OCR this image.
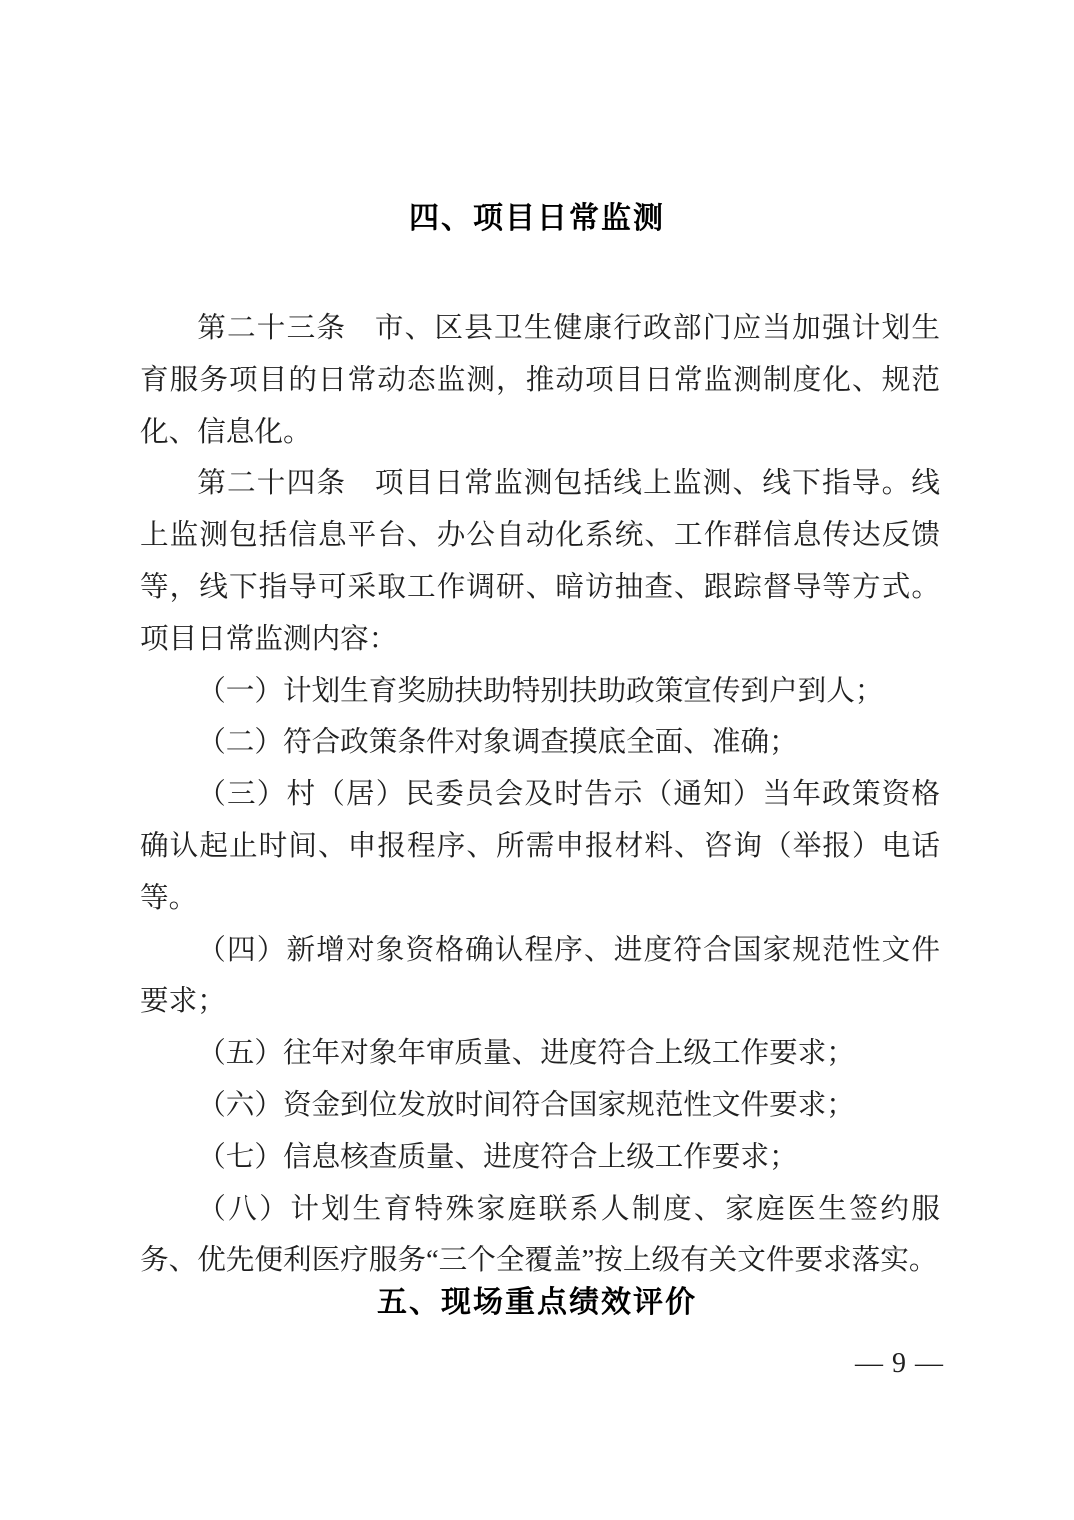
四、项目日常监测

第二十三条 市、区县卫生健康行政部门应当加强计划生育服务项目的日常动态监测，推动项目日常监测制度化、规范化、信息化。

第二十四条 项目日常监测包括线上监测、线下指导。线上监测包括信息平台、办公自动化系统、工作群信息传达反馈等，线下指导可采取工作调研、暗访抽查、跟踪督导等方式。项目日常监测内容：

（一）计划生育奖励扶助特别扶助政策宣传到户到人；

（二）符合政策条件对象调查摸底全面、准确；

（三）村（居）民委员会及时告示（通知）当年政策资格确认起止时间、申报程序、所需申报材料、咨询（举报）电话等。

（四）新增对象资格确认程序、进度符合国家规范性文件要求；

（五）往年对象年审质量、进度符合上级工作要求；

（六）资金到位发放时间符合国家规范性文件要求；

（七）信息核查质量、进度符合上级工作要求；

（八）计划生育特殊家庭联系人制度、家庭医生签约服务、优先便利医疗服务“三个全覆盖”按上级有关文件要求落实。

五、现场重点绩效评价
— 9 —
